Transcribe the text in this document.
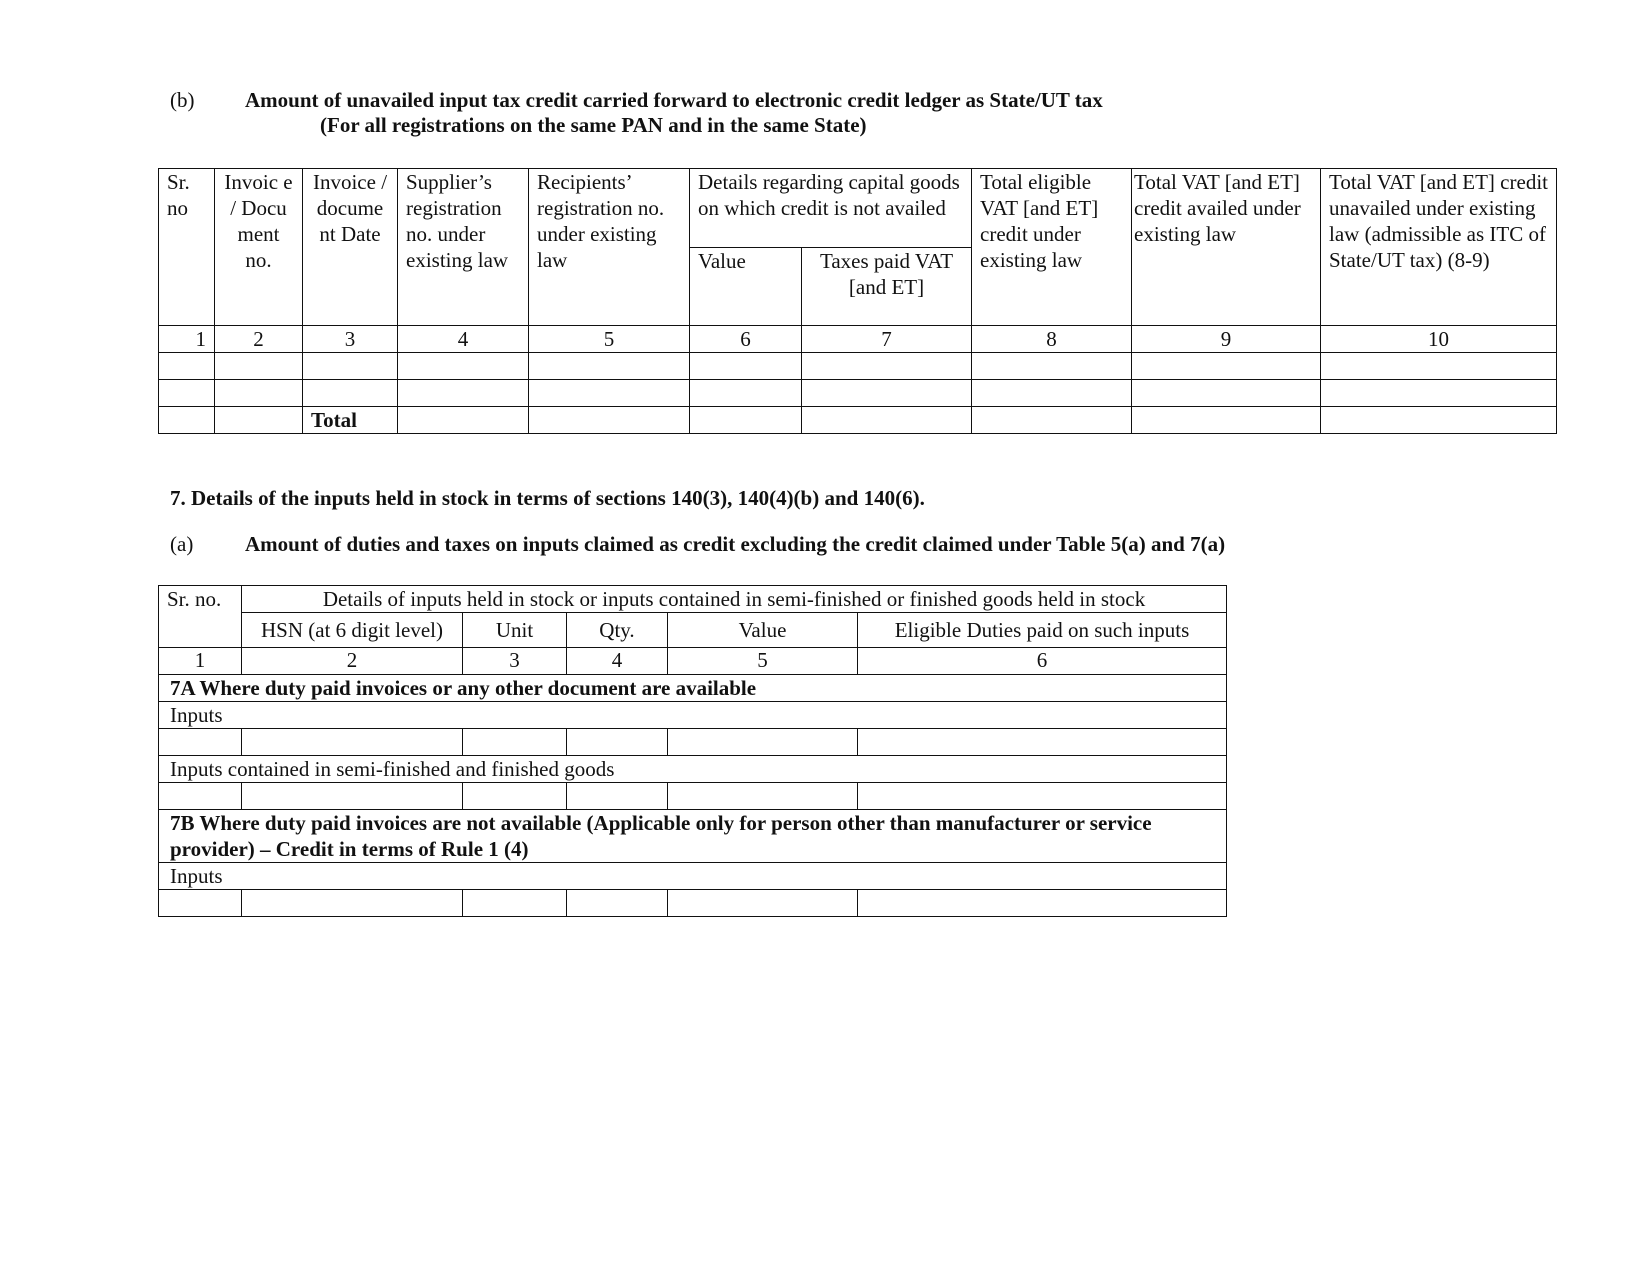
(b) Amount of unavailed input tax credit carried forward to electronic credit ledger as State/UT tax
(For all registrations on the same PAN and in the same State)
Sr. no	Invoic e / Docu ment no.	Invoice / docume nt Date	Supplier’s registration no. under existing law	Recipients’ registration no. under existing law	Details regarding capital goods on which credit is not availed		Total eligible VAT [and ET] credit under existing law	Total VAT [and ET] credit availed under existing law	Total VAT [and ET] credit unavailed under existing law (admissible as ITC of State/UT tax) (8-9)
					Value	Taxes paid VAT [and ET]			
1	2	3	4	5	6	7	8	9	10

		Total							
7. Details of the inputs held in stock in terms of sections 140(3), 140(4)(b) and 140(6).
(a) Amount of duties and taxes on inputs claimed as credit excluding the credit claimed under Table 5(a) and 7(a)
Sr. no.	Details of inputs held in stock or inputs contained in semi-finished or finished goods held in stock				
	HSN (at 6 digit level)	Unit	Qty.	Value	Eligible Duties paid on such inputs
1	2	3	4	5	6
7A Where duty paid invoices or any other document are available					
Inputs					

Inputs contained in semi-finished and finished goods					

7B Where duty paid invoices are not available (Applicable only for person other than manufacturer or service provider) – Credit in terms of Rule 1 (4)					
Inputs					
